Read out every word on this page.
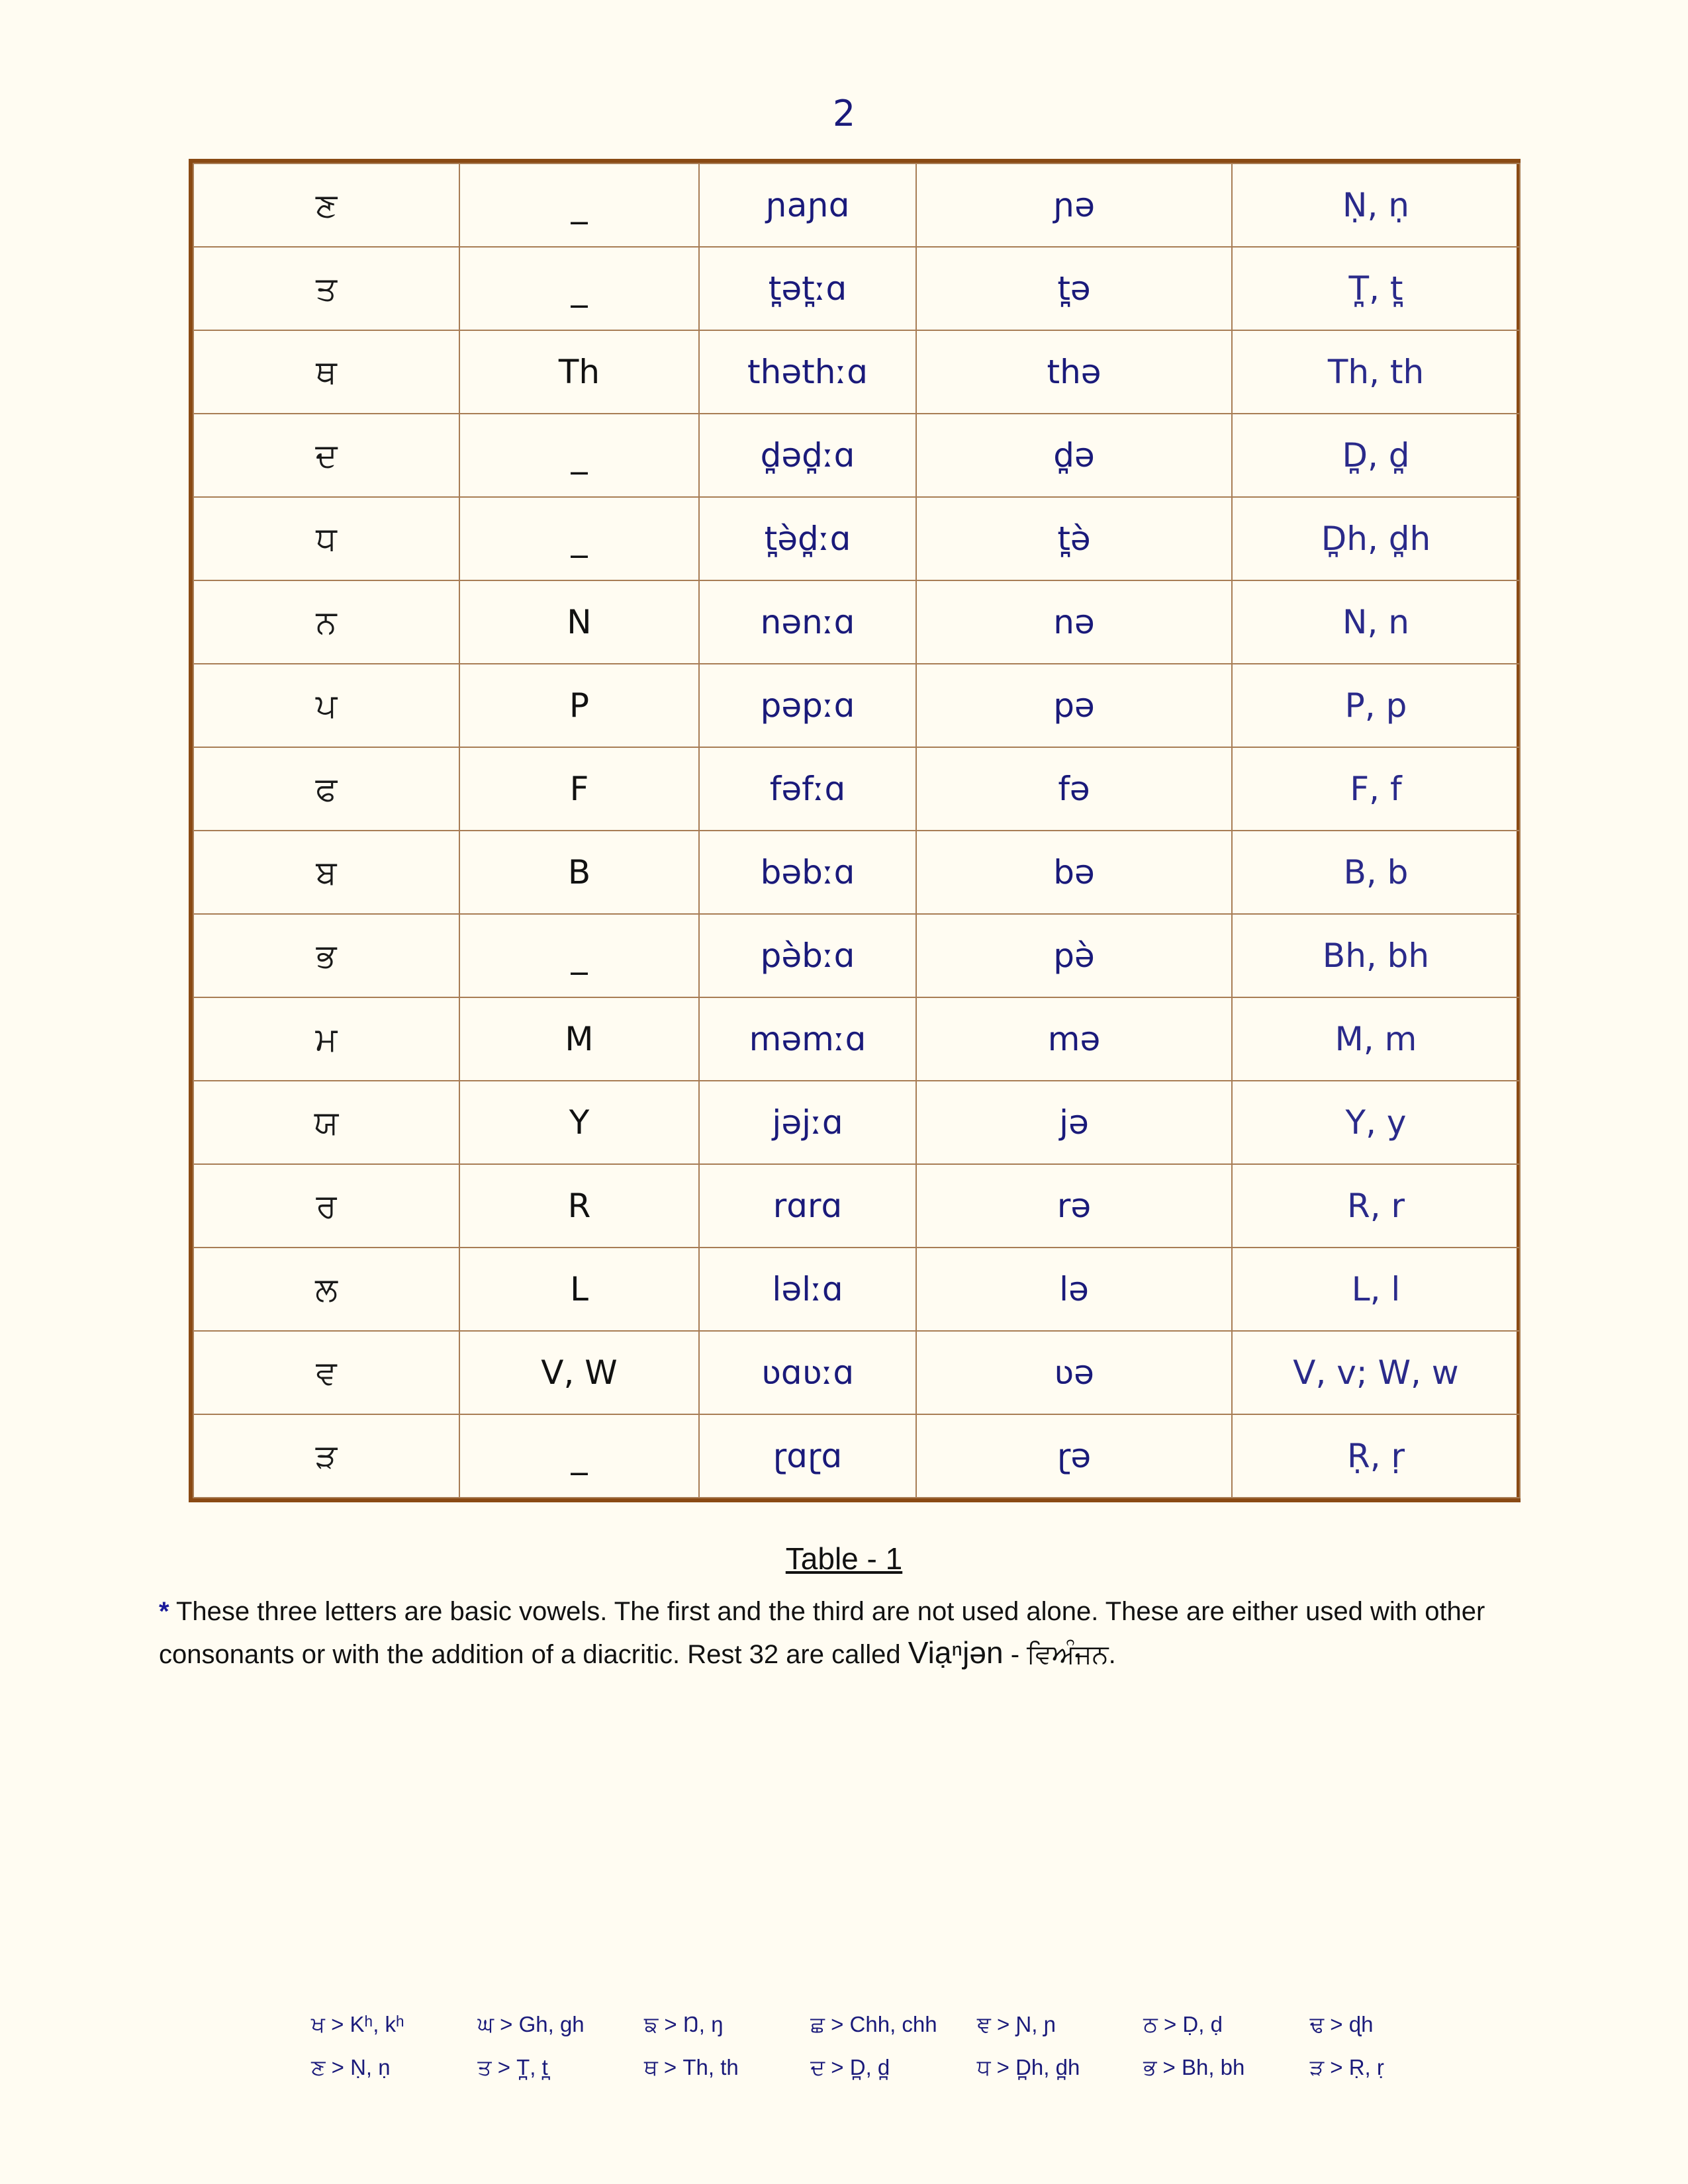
2
ਣ	_	ɲaɲɑ	ɲə	Ṇ, ṇ
ਤ	_	t̪ət̪ːɑ	t̪ə	T̪, t̪
ਥ	Th	thəthːɑ	thə	Th, th
ਦ	_	d̪əd̪ːɑ	d̪ə	D̪, d̪
ਧ	_	t̪ə̀d̪ːɑ	t̪ə̀	D̪h, d̪h
ਨ	N	nənːɑ	nə	N, n
ਪ	P	pəpːɑ	pə	P, p
ਫ	F	fəfːɑ	fə	F, f
ਬ	B	bəbːɑ	bə	B, b
ਭ	_	pə̀bːɑ	pə̀	Bh, bh
ਮ	M	məmːɑ	mə	M, m
ਯ	Y	jəjːɑ	jə	Y, y
ਰ	R	rɑrɑ	rə	R, r
ਲ	L	ləlːɑ	lə	L, l
ਵ	V, W	ʋɑʋːɑ	ʋə	V, v; W, w
ੜ	_	ɽɑɽɑ	ɽə	Ṛ, ṛ
Table - 1
* These three letters are basic vowels. The first and the third are not used alone. These are either used with other consonants or with the addition of a diacritic. Rest 32 are called Viạⁿjən - ਵਿਅੰਜਨ.
ਖ > Kʰ, kʰ	ਘ > Gh, gh	ਙ > Ŋ, ŋ	ਛ > Chh, chh	ਞ > Ɲ, ɲ	ਠ > Ḍ, ḍ	ਢ > ɖh
ਣ > Ṇ, ṇ	ਤ > T̪, t̪	ਥ > Th, th	ਦ > D̪, d̪	ਧ > D̪h, d̪h	ਭ > Bh, bh	ੜ > Ṛ, ṛ
